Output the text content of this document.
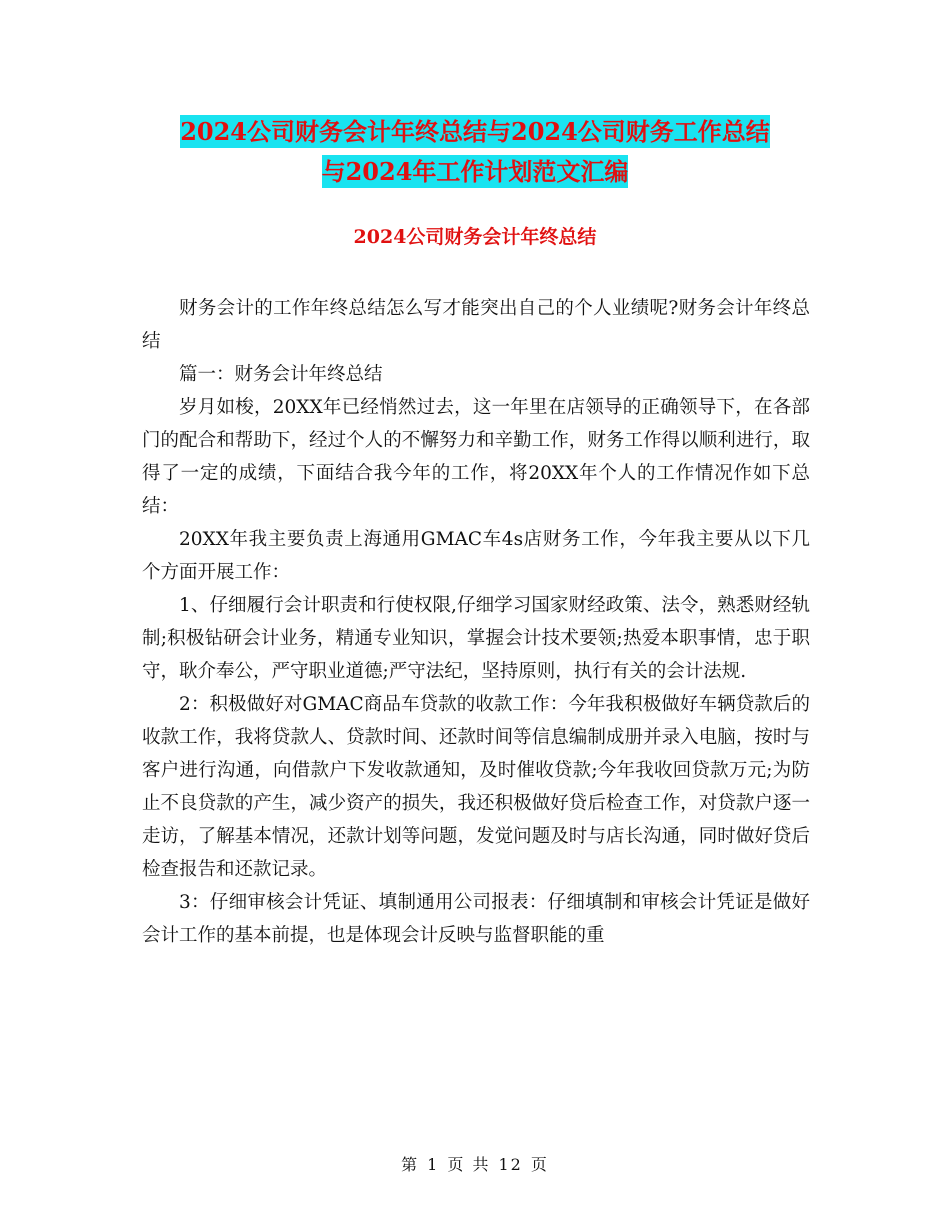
2024公司财务会计年终总结与2024公司财务工作总结
与2024年工作计划范文汇编
2024公司财务会计年终总结

财务会计的工作年终总结怎么写才能突出自己的个人业绩呢?财务会计年终总结

篇一：财务会计年终总结

岁月如梭，20XX年已经悄然过去，这一年里在店领导的正确领导下，在各部门的配合和帮助下，经过个人的不懈努力和辛勤工作，财务工作得以顺利进行，取得了一定的成绩，下面结合我今年的工作，将20XX年个人的工作情况作如下总结：

20XX年我主要负责上海通用GMAC车4s店财务工作，今年我主要从以下几个方面开展工作：

1、仔细履行会计职责和行使权限,仔细学习国家财经政策、法令，熟悉财经轨制;积极钻研会计业务，精通专业知识，掌握会计技术要领;热爱本职事情，忠于职守，耿介奉公，严守职业道德;严守法纪，坚持原则，执行有关的会计法规.

2：积极做好对GMAC商品车贷款的收款工作：今年我积极做好车辆贷款后的收款工作，我将贷款人、贷款时间、还款时间等信息编制成册并录入电脑，按时与客户进行沟通，向借款户下发收款通知，及时催收贷款;今年我收回贷款万元;为防止不良贷款的产生，减少资产的损失，我还积极做好贷后检查工作，对贷款户逐一走访，了解基本情况，还款计划等问题，发觉问题及时与店长沟通，同时做好贷后检查报告和还款记录。

3：仔细审核会计凭证、填制通用公司报表：仔细填制和审核会计凭证是做好会计工作的基本前提，也是体现会计反映与监督职能的重

第 1 页 共 12 页
